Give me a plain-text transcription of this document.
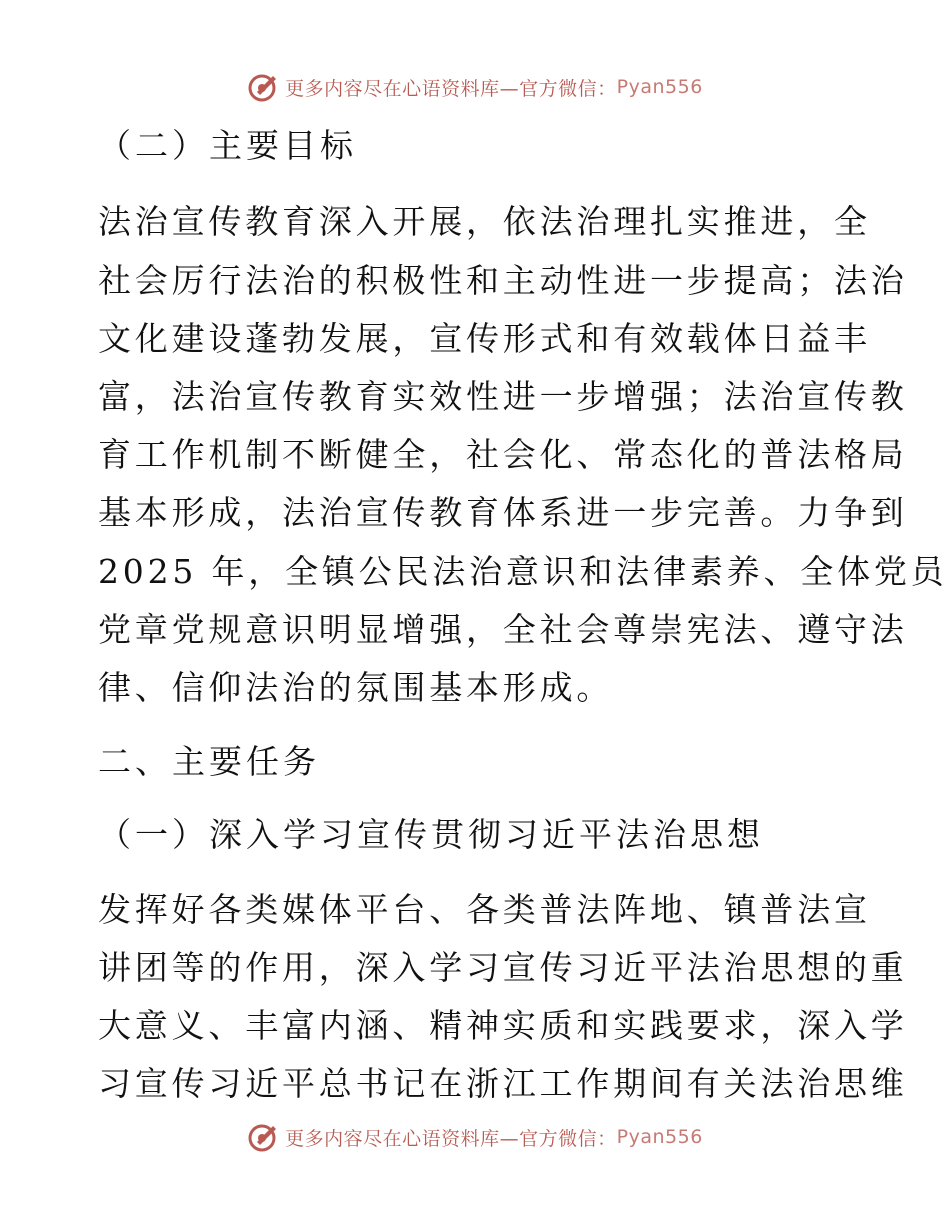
更多内容尽在心语资料库—官方微信： Pyan556
（二）主要目标
法治宣传教育深入开展，依法治理扎实推进，全
社会厉行法治的积极性和主动性进一步提高；法治
文化建设蓬勃发展，宣传形式和有效载体日益丰
富，法治宣传教育实效性进一步增强；法治宣传教
育工作机制不断健全，社会化、常态化的普法格局
基本形成，法治宣传教育体系进一步完善。力争到
2025 年，全镇公民法治意识和法律素养、全体党员
党章党规意识明显增强，全社会尊崇宪法、遵守法
律、信仰法治的氛围基本形成。
二、主要任务
（一）深入学习宣传贯彻习近平法治思想
发挥好各类媒体平台、各类普法阵地、镇普法宣
讲团等的作用，深入学习宣传习近平法治思想的重
大意义、丰富内涵、精神实质和实践要求，深入学
习宣传习近平总书记在浙江工作期间有关法治思维
更多内容尽在心语资料库—官方微信： Pyan556
